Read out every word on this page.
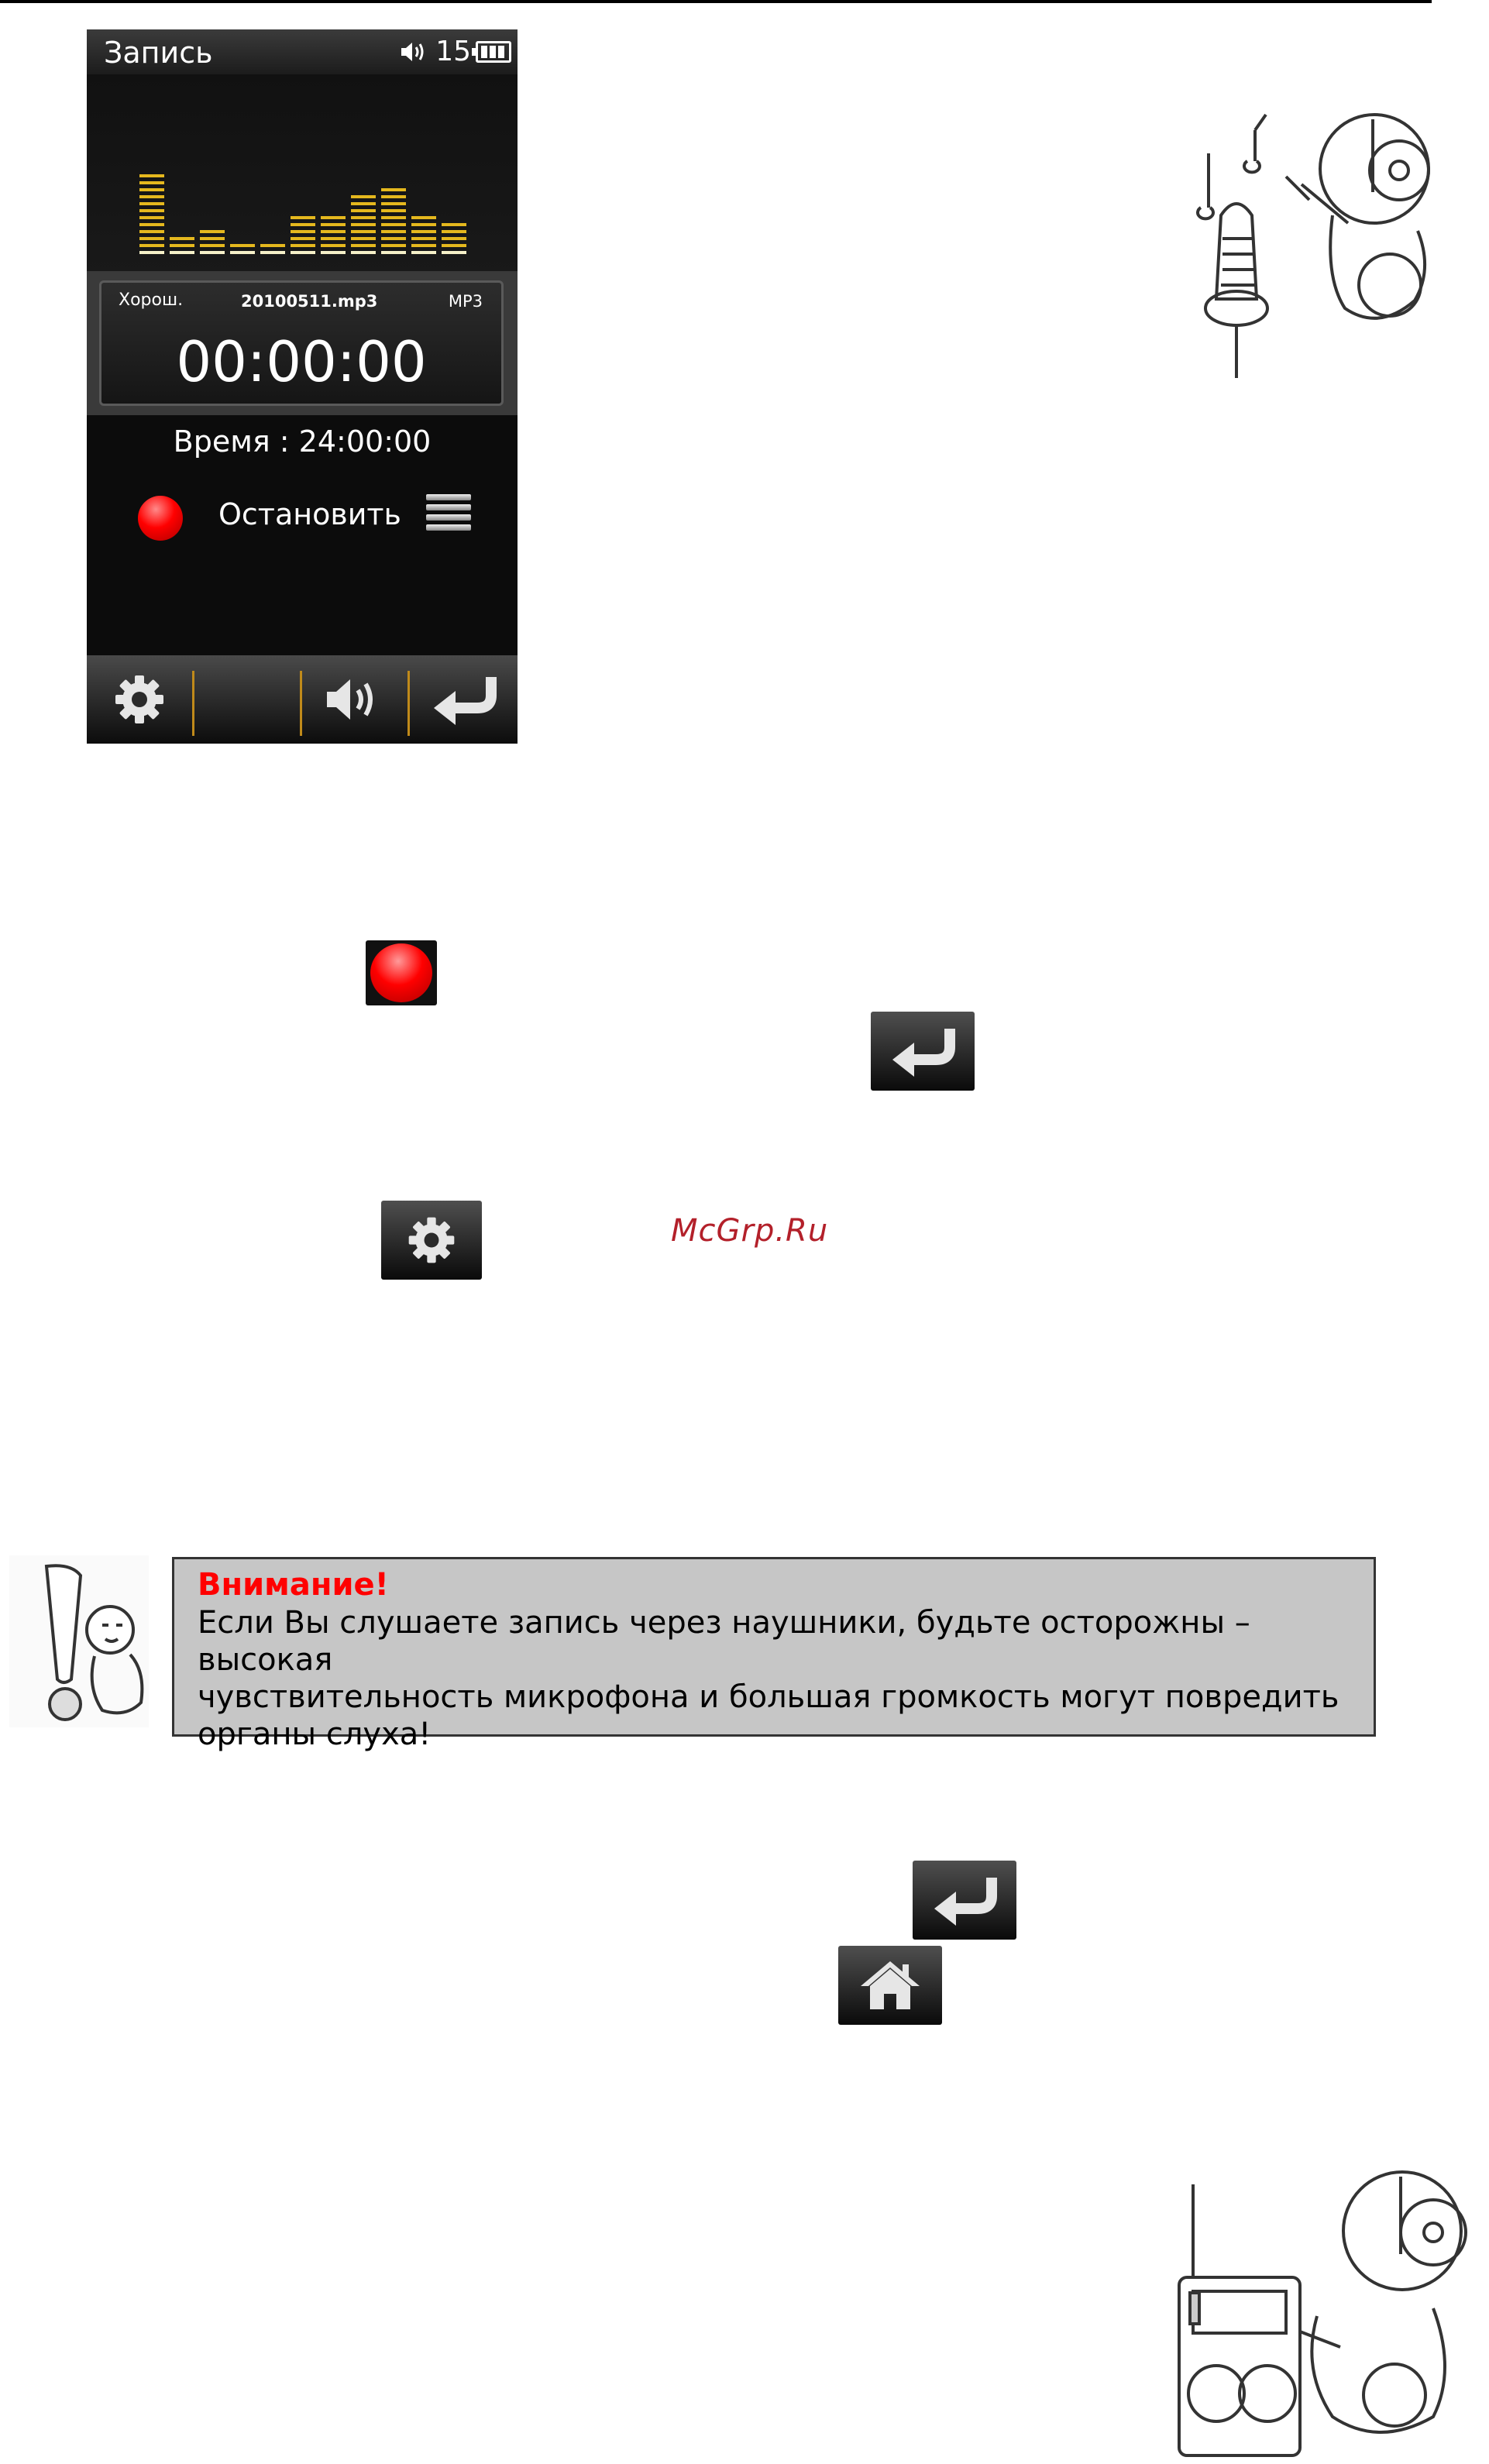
Запись	15
Хорош.	20100511.mp3	MP3
00:00:00
Время : 24:00:00
Остановить
McGrp.Ru
Внимание!
Если Вы слушаете запись через наушники, будьте осторожны – высокая
чувствительность микрофона и большая громкость могут повредить
органы слуха!
